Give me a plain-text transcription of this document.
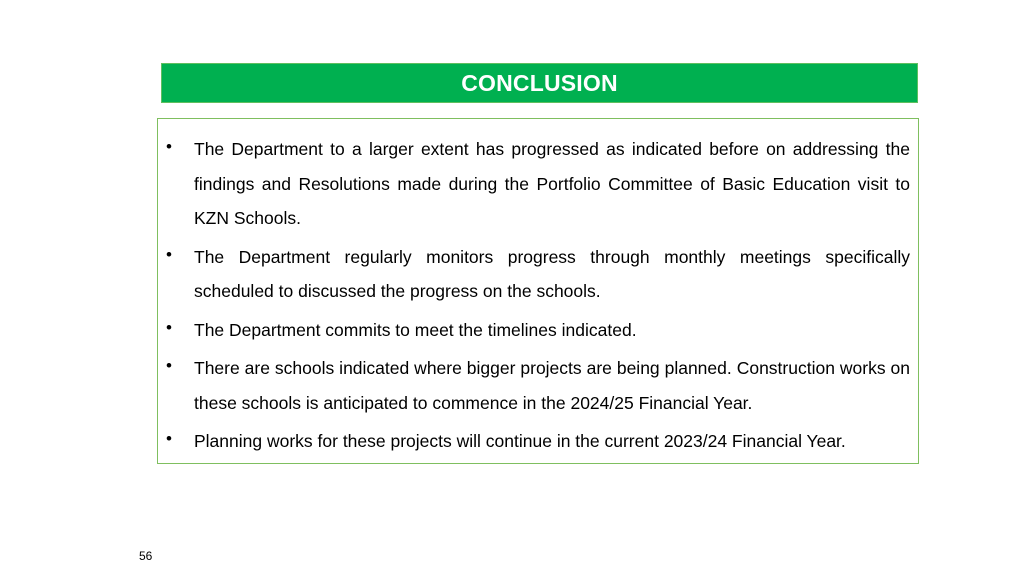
CONCLUSION
• The Department to a larger extent has progressed as indicated before on addressing the findings and Resolutions made during the Portfolio Committee of Basic Education visit to KZN Schools.
• The Department regularly monitors progress through monthly meetings specifically scheduled to discussed the progress on the schools.
• The Department commits to meet the timelines indicated.
• There are schools indicated where bigger projects are being planned. Construction works on these schools is anticipated to commence in the 2024/25 Financial Year.
• Planning works for these projects will continue in the current 2023/24 Financial Year.
56
